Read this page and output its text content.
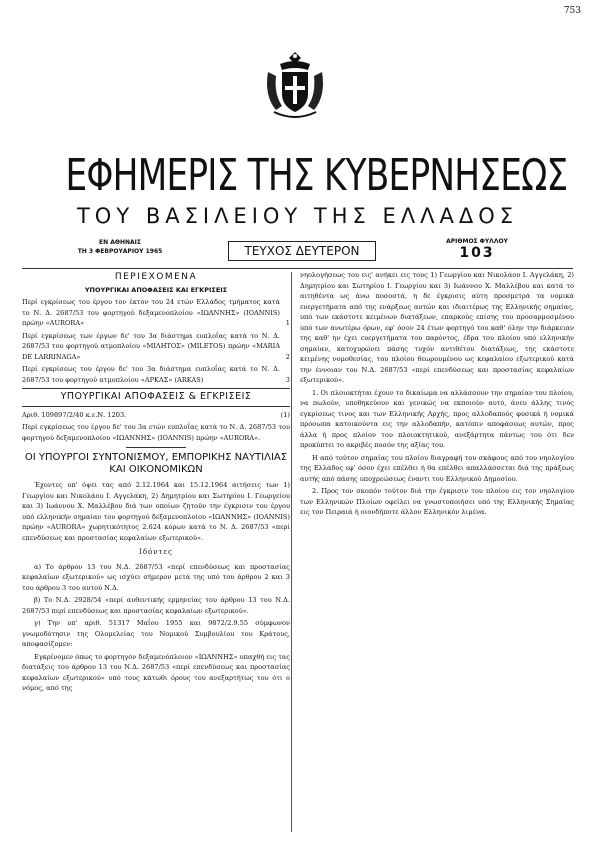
753
ΕΦΗΜΕΡΙΣ ΤΗΣ ΚΥΒΕΡΝΗΣΕΩΣ
ΤΟΥ ΒΑΣΙΛΕΙΟΥ ΤΗΣ ΕΛΛΑΔΟΣ
ΕΝ ΑΘΗΝΑΙΣ
ΤΗ 3 ΦΕΒΡΟΥΑΡΙΟΥ 1965	ΤΕΥΧΟΣ ΔΕΥΤΕΡΟΝ
ΑΡΙΘΜΟΣ ΦΥΛΛΟΥ
103
ΠΕΡΙΕΧΟΜΕΝΑ
ΥΠΟΥΡΓΙΚΑΙ ΑΠΟΦΑΣΕΙΣ ΚΑΙ ΕΓΚΡΙΣΕΙΣ

Περί εγκρίσεως του έργου τον έκτον του 24 ετών Ελλάδος τμήματος κατά το Ν. Δ. 2687/53 του φορτηγού δεξαμενοπλοίου «ΙΩΑΝΝΗΣ» (IOANNIS) πρώην «AURORA»	1

Περί εγκρίσεως των έργων δε' του 3α διάστημα ευπλοΐας κατά το Ν. Δ. 2687/53 του φορτηγού ατμοπλοίου «ΜΙΛΗΤΟΣ» (MILETOS) πρώην «MARIA DE LARRINAGA»	2

Περί εγκρίσεως του έργου δε' του 3α διάστημα ευπλοΐας κατά το Ν. Δ. 2687/53 του φορτηγού ατμοπλοίου «ΑΡΚΑΣ» (ARKAS)	3

ΥΠΟΥΡΓΙΚΑΙ ΑΠΟΦΑΣΕΙΣ & ΕΓΚΡΙΣΕΙΣ
Αριθ. 109897/2/40 κ.ε.Ν. 1203.	(1)

Περί εγκρίσεως του έργου δε' του 3α ετών ευπλοΐας κατά το Ν. Δ. 2687/53 του φορτηγού δεξαμενοπλοίου «ΙΩΑΝΝΗΣ» (IOANNIS) πρώην «AURORA».

ΟΙ ΥΠΟΥΡΓΟΙ ΣΥΝΤΟΝΙΣΜΟΥ, ΕΜΠΟΡΙΚΗΣ ΝΑΥΤΙΛΙΑΣ ΚΑΙ ΟΙΚΟΝΟΜΙΚΩΝ

Έχοντες υπ' όψει τας από 2.12.1964 και 15.12.1964 αιτήσεις των 1) Γεωργίου και Νικολάου Ι. Αγγελάκη, 2) Δημητρίου και Σωτηρίου Ι. Γεωργείου και 3) Ιωάννου Χ. Μαλλέβου διά των οποίων ζητούν την έγκρισιν του έργου υπό ελληνικήν σημαίαν του φορτηγού δεξαμενοπλοίου «ΙΩΑΝΝΗΣ» (IOANNIS) πρώην «AURORA» χωρητικότητος 2.624 κόρων κατά το Ν. Δ. 2687/53 «περί επενδύσεως και προστασίας κεφαλαίων εξωτερικού».

Ιδόντες

α) Το άρθρον 13 του Ν.Δ. 2687/53 «περί επενδύσεως και προστασίας κεφαλαίων εξωτερικού» ως ισχύει σήμερον μετά της υπό του άρθρου 2 και 3 του άρθρου 3 του αυτού Ν.Δ.

β) Το Ν.Δ. 2928/54 «περί αυθεντικής ερμηνείας του άρθρου 13 του Ν.Δ. 2687/53 περί επενδύσεως και προστασίας κεφαλαίων εξωτερικού».

γ) Την υπ' αριθ. 51317 Μαΐου 1955 και 9872/2.9.55 σύμφωνον γνωμοδότησιν της Ολομελείας του Νομικού Συμβουλίου του Κράτους, αποφασίζομεν:

Εγκρίνομεν όπως το φορτηγόν δεξαμενόπλοιον «ΙΩΑΝΝΗΣ» υπαχθή εις τας διατάξεις του άρθρου 13 του Ν.Δ. 2687/53 «περί επενδύσεως και προστασίας κεφαλαίων εξωτερικού» υπό τους κάτωθι όρους του ανεξαρτήτως του ότι ο νόμος, από της

νηολογήσεως του εις' ανήκει εις τους 1) Γεωργίου και Νικολάου Ι. Αγγελάκη, 2) Δημητρίου και Σωτηρίου Ι. Γεωργίου και 3) Ιωάννου Χ. Μαλλέβου και κατά το αιτηθέντα ως άνω ποσοστά, η δε έγκρισις αύτη προσμετρά τα νομικά ευεργετήματα από της ενάρξεως αυτών και ιδιαιτέρως της Ελληνικής σημαίας, υπό των εκάστοτε κειμένων διατάξεων, επαρκούς επίσης του προσαρμοσμένου υπό των ανωτέρω όρων, εφ' όσον 24 έτων φορτηγό του καθ' όλην την διάρκειαν της καθ' ην έχει ευεργετήματα του παρόντος, έδρα του πλοίου υπό ελληνικήν σημαίαν, κατοχυρώνει πάσης τυχόν αντιθέτου διατάξεως, της εκάστοτε κειμένης νομοθεσίας, του πλοίου θεωρουμένου ως κεφαλαίου εξωτερικού κατά την έννοιαν του Ν.Δ. 2687/53 «περί επενδύσεως και προστασίας κεφαλαίων εξωτερικού».

1. Οι πλοιοκτήται έχουν το δικαίωμα να αλλάσσουν την σημαίαν του πλοίου, να πωλούν, υποθηκεύουν και γενικώς να εκποιούν αυτό, άνευ άλλης τινός εγκρίσεως τινος και των Ελληνικής Αρχής, προς αλλοδαπούς φυσικά ή νομικά πρόσωπα κατοικούντα εις την αλλοδαπήν, κατόπιν αποφάσεως αυτών, προς άλλα ή προς πλοίον του πλοιοκτητικού, ανεξάρτητα πάντως του ότι δεν προκύπτει το ακριβές ποσόν της αξίας του.

Η από τούτον σημαίας του πλοίου διαγραφή του σκάφους από του νηολογίου της Ελλάδος εφ' όσον έχει επέλθει ή θα επέλθει απαλλάσσεται διά της πράξεως αυτής από πάσης υποχρεώσεως έναντι του Ελληνικού Δημοσίου.

2. Προς τον σκοπόν τούτον διά την έγκρισιν του πλοίου εις τον νηολογίου των Ελληνικών Πλοίων οφείλει να γνωστοποιήσει υπό της Ελληνικής Σημαίας εις τον Πειραιά ή οιονδήποτε άλλον Ελληνικόν λιμένα.
